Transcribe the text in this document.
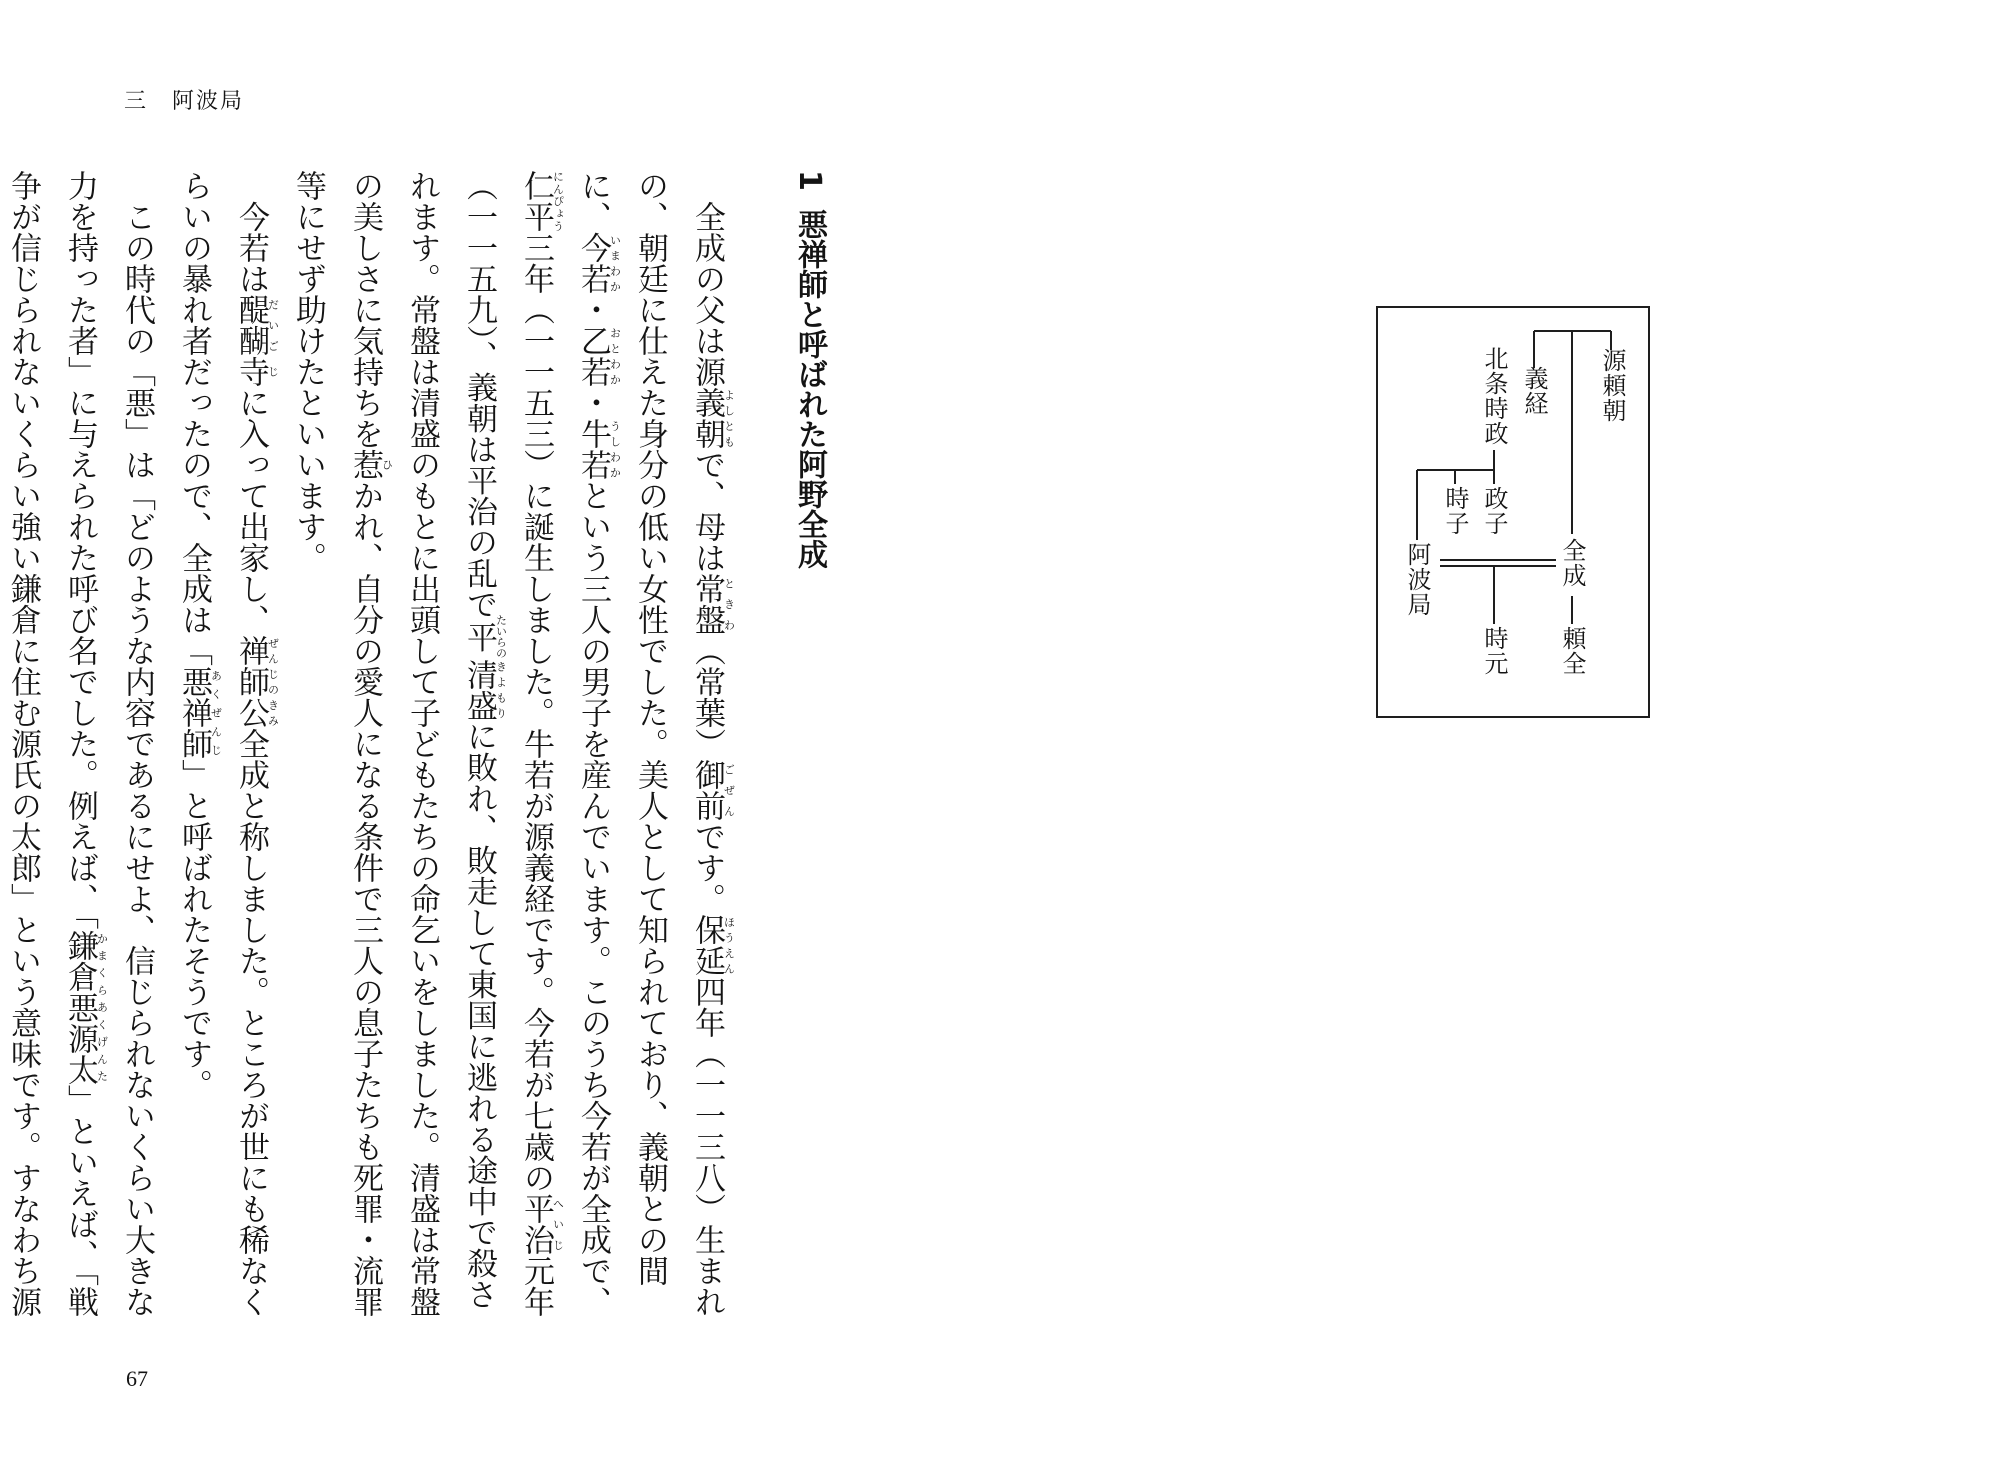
三　阿波局
1悪禅師と呼ばれた阿野全成

全成の父は源義朝よしともで、母は常盤ときわ（常葉）御前ごぜんです。保延ほうえん四年（一一三八）生まれの、朝廷に仕えた身分の低い女性でした。美人として知られており、義朝との間に、今若いまわか・乙若おとわか・牛うし若わかという三人の男子を産んでいます。このうち今若が全成で、仁平にんぴょう三年（一一五三）に誕生しました。牛若が源義経です。今若が七歳の平治へいじ元年（一一五九）、義朝は平治の乱で平たいらの清盛きよもりに敗れ、敗走して東国に逃れる途中で殺されます。常盤は清盛のもとに出頭して子どもたちの命乞いをしました。清盛は常盤の美しさに気持ちを惹ひかれ、自分の愛人になる条件で三人の息子たちも死罪・流罪等にせず助けたといいます。

今若は醍醐だいご寺じに入って出家し、禅師公ぜんじのきみ全成と称しました。ところが世にも稀なくらいの暴れ者だったので、全成は「悪禅師あくぜんじ」と呼ばれたそうです。

この時代の「悪」は「どのような内容であるにせよ、信じられないくらい大きな力を持った者」に与えられた呼び名でした。例えば、「鎌倉悪源太かまくらあくげんた」といえば、「戦争が信じられないくらい強い鎌倉に住む源氏の太郎」という意味です。すなわち源	源頼朝
義経
北条時政
政子
時子
阿波局	全成
頼全
時元
67
